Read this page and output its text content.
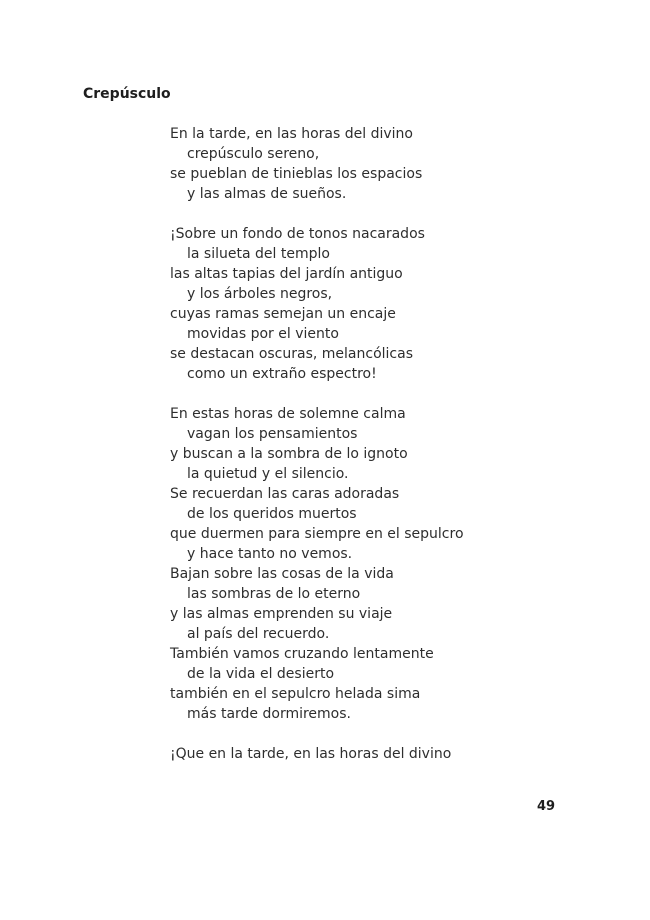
Crepúsculo
En la tarde, en las horas del divino
crepúsculo sereno,
se pueblan de tinieblas los espacios
y las almas de sueños.
¡Sobre un fondo de tonos nacarados
la silueta del templo
las altas tapias del jardín antiguo
y los árboles negros,
cuyas ramas semejan un encaje
movidas por el viento
se destacan oscuras, melancólicas
como un extraño espectro!
En estas horas de solemne calma
vagan los pensamientos
y buscan a la sombra de lo ignoto
la quietud y el silencio.
Se recuerdan las caras adoradas
de los queridos muertos
que duermen para siempre en el sepulcro
y hace tanto no vemos.
Bajan sobre las cosas de la vida
las sombras de lo eterno
y las almas emprenden su viaje
al país del recuerdo.
También vamos cruzando lentamente
de la vida el desierto
también en el sepulcro helada sima
más tarde dormiremos.
¡Que en la tarde, en las horas del divino
49
